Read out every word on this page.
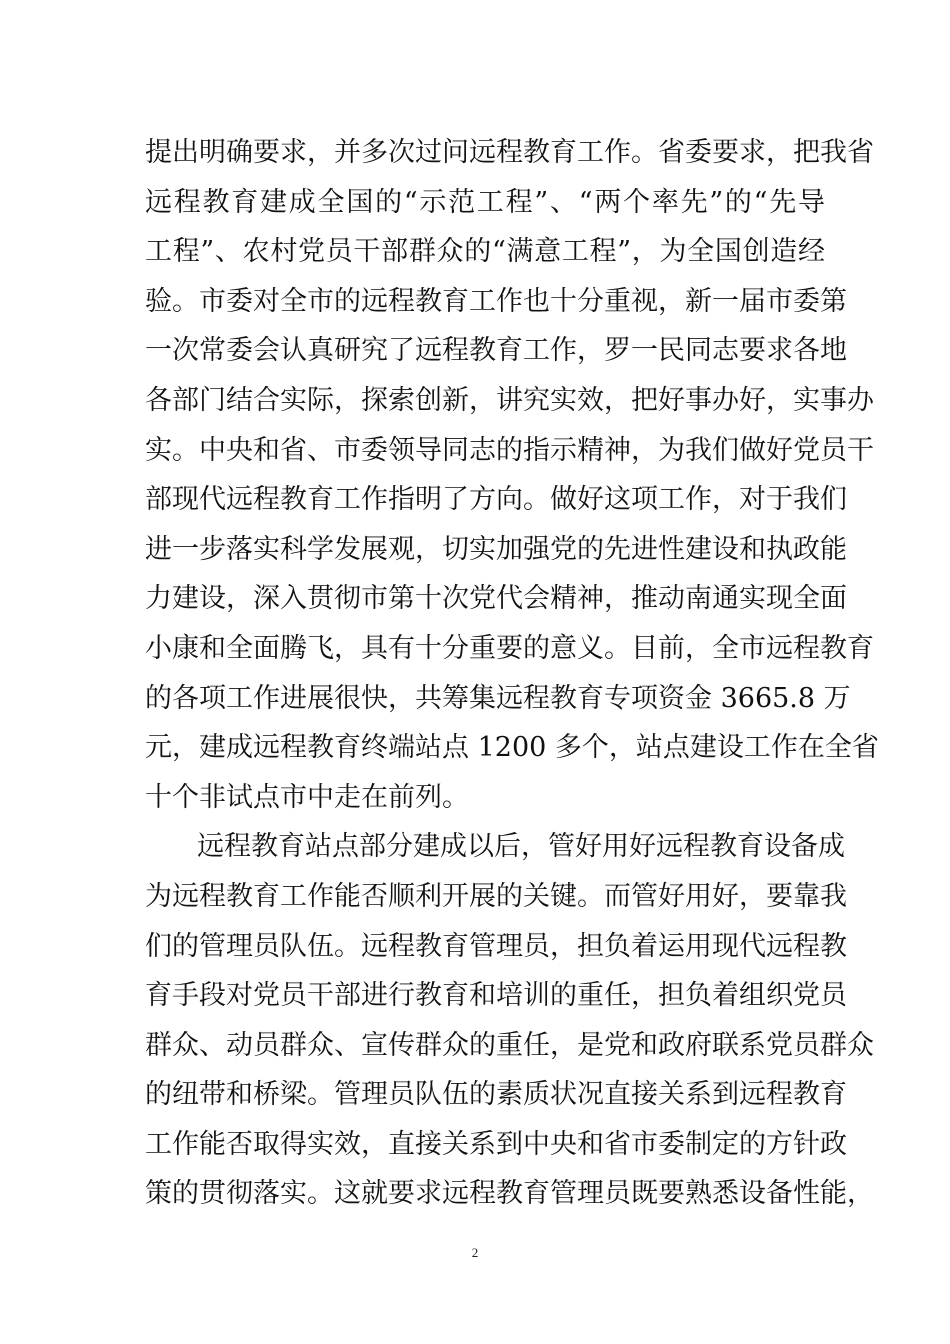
提出明确要求，并多次过问远程教育工作。省委要求，把我省
远程教育建成全国的“示范工程”、“两个率先”的“先导
工程”、农村党员干部群众的“满意工程”，为全国创造经
验。市委对全市的远程教育工作也十分重视，新一届市委第
一次常委会认真研究了远程教育工作，罗一民同志要求各地
各部门结合实际，探索创新，讲究实效，把好事办好，实事办
实。中央和省、市委领导同志的指示精神，为我们做好党员干
部现代远程教育工作指明了方向。做好这项工作，对于我们
进一步落实科学发展观，切实加强党的先进性建设和执政能
力建设，深入贯彻市第十次党代会精神，推动南通实现全面
小康和全面腾飞，具有十分重要的意义。目前，全市远程教育
的各项工作进展很快，共筹集远程教育专项资金 3665.8 万
元，建成远程教育终端站点 1200 多个，站点建设工作在全省
十个非试点市中走在前列。
远程教育站点部分建成以后，管好用好远程教育设备成
为远程教育工作能否顺利开展的关键。而管好用好，要靠我
们的管理员队伍。远程教育管理员，担负着运用现代远程教
育手段对党员干部进行教育和培训的重任，担负着组织党员
群众、动员群众、宣传群众的重任，是党和政府联系党员群众
的纽带和桥梁。管理员队伍的素质状况直接关系到远程教育
工作能否取得实效，直接关系到中央和省市委制定的方针政
策的贯彻落实。这就要求远程教育管理员既要熟悉设备性能，
2
